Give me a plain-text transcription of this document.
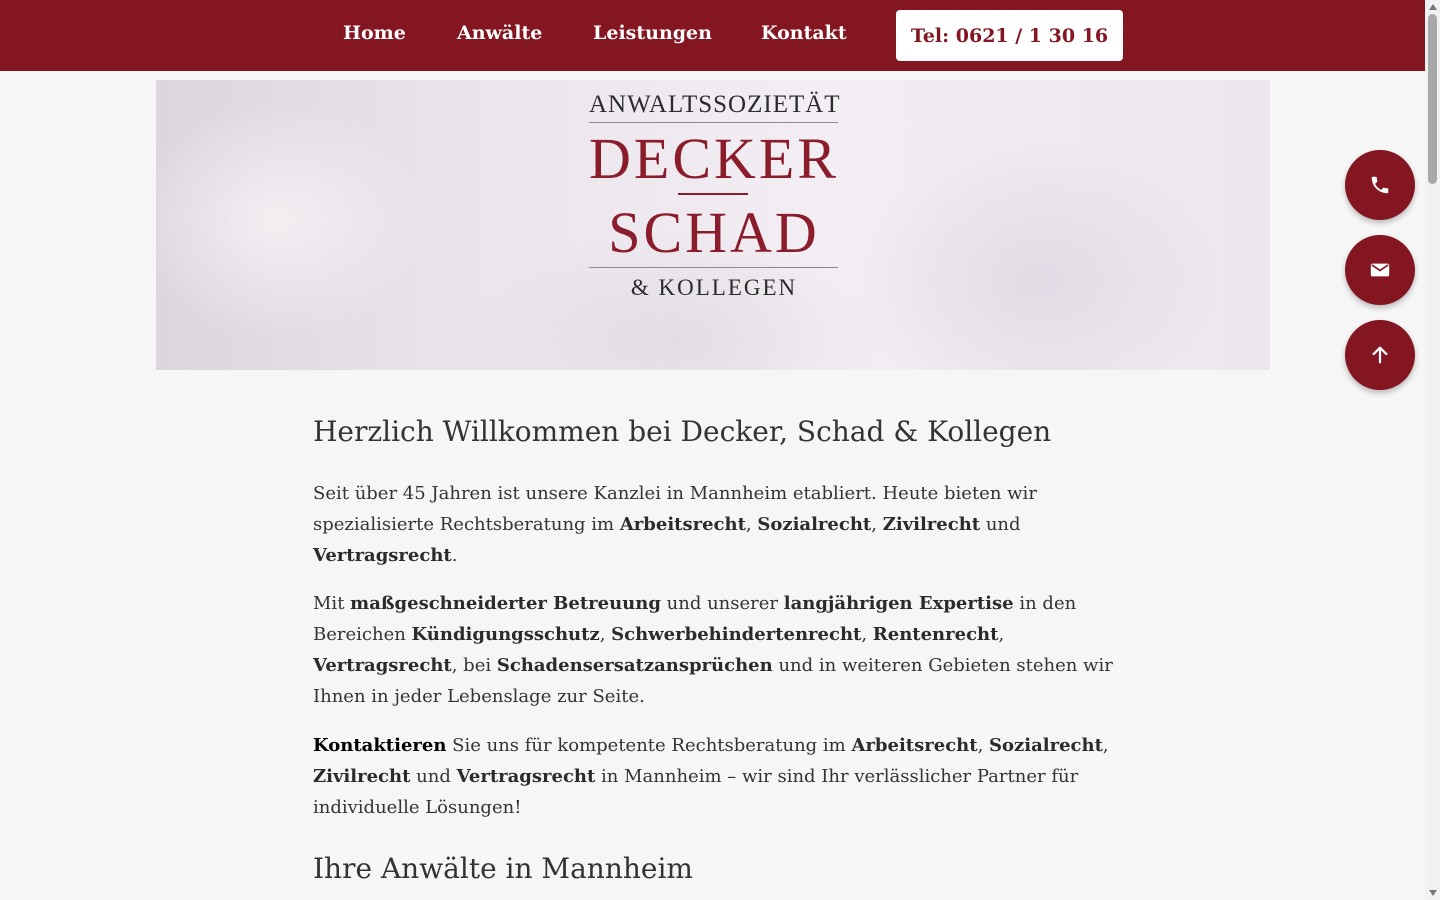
Home	Anwälte	Leistungen	Kontakt	Tel: 0621 / 1 30 16
ANWALTSSOZIETÄT
DECKER
SCHAD
& KOLLEGEN
Herzlich Willkommen bei Decker, Schad & Kollegen

Seit über 45 Jahren ist unsere Kanzlei in Mannheim etabliert. Heute bieten wir spezialisierte Rechtsberatung im Arbeitsrecht, Sozialrecht, Zivilrecht und
Vertragsrecht.

Mit maßgeschneiderter Betreuung und unserer langjährigen Expertise in den Bereichen Kündigungsschutz, Schwerbehindertenrecht, Rentenrecht,
Vertragsrecht, bei Schadensersatzansprüchen und in weiteren Gebieten stehen wir Ihnen in jeder Lebenslage zur Seite.

Kontaktieren Sie uns für kompetente Rechtsberatung im Arbeitsrecht, Sozialrecht,
Zivilrecht und Vertragsrecht in Mannheim – wir sind Ihr verlässlicher Partner für individuelle Lösungen!

Ihre Anwälte in Mannheim
